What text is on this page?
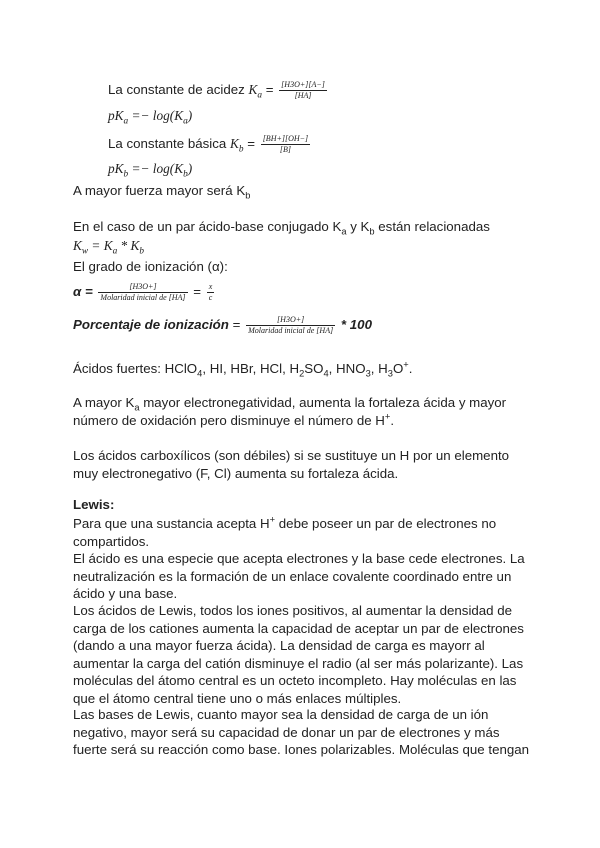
La constante de acidez $K_a = \frac{[H3O+][A-]}{[HA]}$
$pK_a =- \log(K_a)$
La constante básica $K_b = \frac{[BH+][OH-]}{[B]}$
$pK_b =- \log(K_b)$
A mayor fuerza mayor será $K_b$
En el caso de un par ácido-base conjugado $K_a$ y $K_b$ están relacionadas
$K_w = K_a * K_b$
El grado de ionización (α):
$\alpha = \frac{[H3O+]}{\text{Molaridad inicial de [HA]}} = \frac{x}{c}$
Porcentaje de ionización = $\frac{[H3O+]}{\text{Molaridad inicial de [HA]}} * 100$
Ácidos fuertes: HClO$_4$, HI, HBr, HCl, $H_2SO_4$, $HNO_3$, $H_3O^+$.
A mayor $K_a$ mayor electronegatividad, aumenta la fortaleza ácida y mayor número de oxidación pero disminuye el número de H+.
Los ácidos carboxílicos (son débiles) si se sustituye un H por un elemento muy electronegativo (F, Cl) aumenta su fortaleza ácida.
Lewis:
Para que una sustancia acepta H+ debe poseer un par de electrones no compartidos.
El ácido es una especie que acepta electrones y la base cede electrones. La neutralización es la formación de un enlace covalente coordinado entre un ácido y una base.
Los ácidos de Lewis, todos los iones positivos, al aumentar la densidad de carga de los cationes aumenta la capacidad de aceptar un par de electrones (dando a una mayor fuerza ácida). La densidad de carga es mayorr al aumentar la carga del catión disminuye el radio (al ser más polarizante). Las moléculas del átomo central es un octeto incompleto. Hay moléculas en las que el átomo central tiene uno o más enlaces múltiples.
Las bases de Lewis, cuanto mayor sea la densidad de carga de un ión negativo, mayor será su capacidad de donar un par de electrones y más fuerte será su reacción como base. Iones polarizables. Moléculas que tengan
